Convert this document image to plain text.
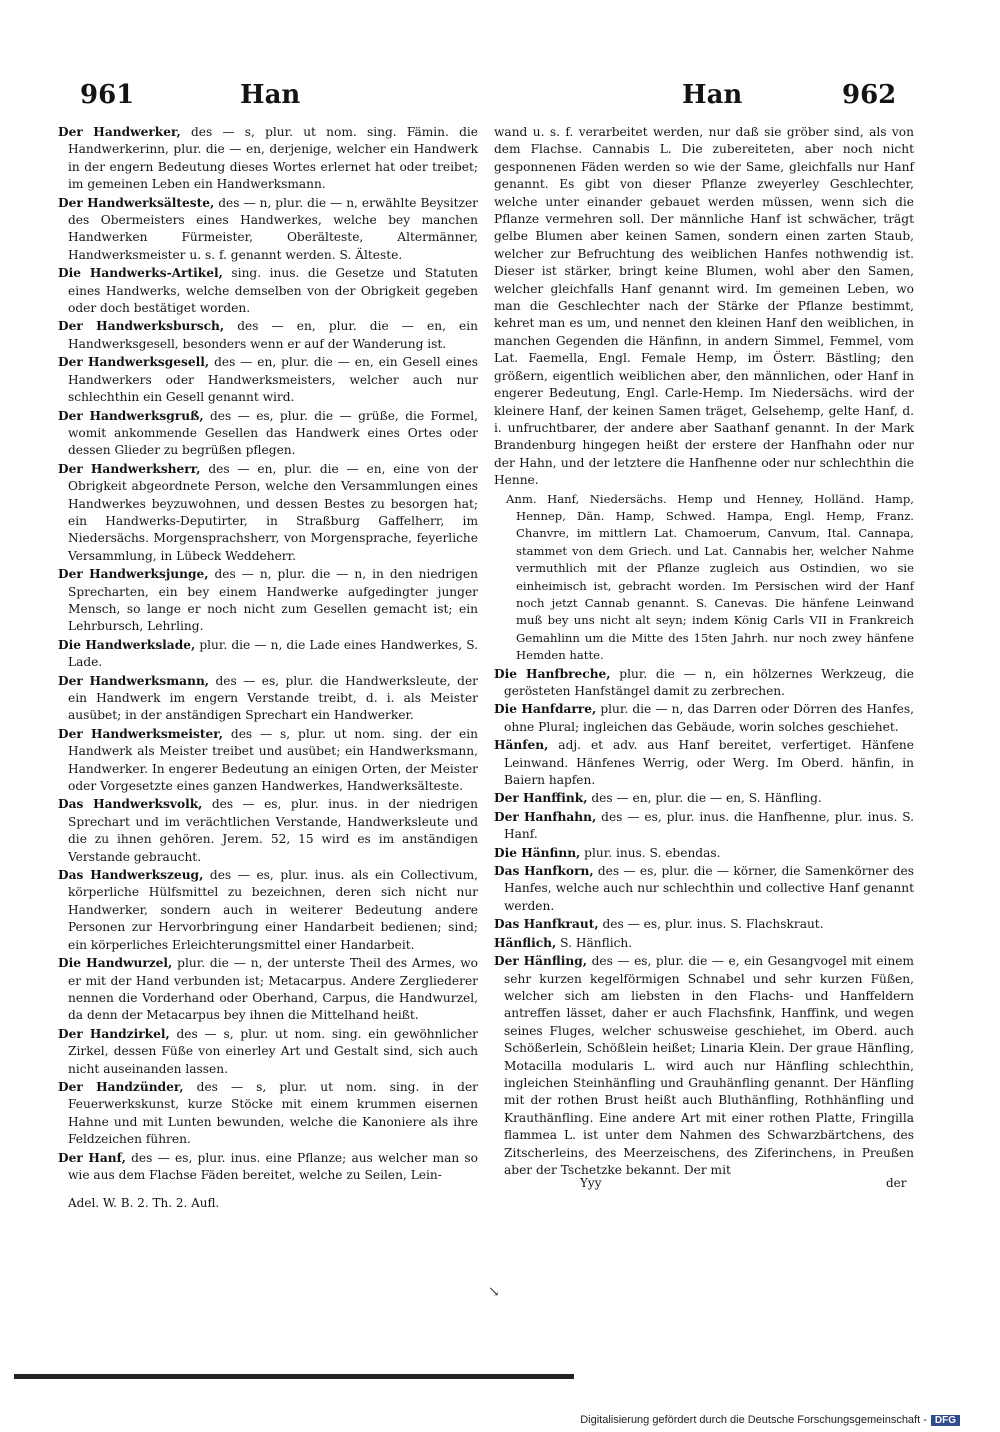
961	Han	Han	962

Der Handwerker, des — s, plur. ut nom. sing. Fämin. die Handwerkerinn, plur. die — en, derjenige, welcher ein Handwerk in der engern Bedeutung dieses Wortes erlernet hat oder treibet; im gemeinen Leben ein Handwerksmann.

Der Handwerksälteste, des — n, plur. die — n, erwählte Beysitzer des Obermeisters eines Handwerkes, welche bey manchen Handwerken Fürmeister, Oberälteste, Altermänner, Handwerksmeister u. s. f. genannt werden. S. Älteste.

Die Handwerks-Artikel, sing. inus. die Gesetze und Statuten eines Handwerks, welche demselben von der Obrigkeit gegeben oder doch bestätiget worden.

Der Handwerksbursch, des — en, plur. die — en, ein Handwerksgesell, besonders wenn er auf der Wanderung ist.

Der Handwerksgesell, des — en, plur. die — en, ein Gesell eines Handwerkers oder Handwerksmeisters, welcher auch nur schlechthin ein Gesell genannt wird.

Der Handwerksgruß, des — es, plur. die — grüße, die Formel, womit ankommende Gesellen das Handwerk eines Ortes oder dessen Glieder zu begrüßen pflegen.

Der Handwerksherr, des — en, plur. die — en, eine von der Obrigkeit abgeordnete Person, welche den Versammlungen eines Handwerkes beyzuwohnen, und dessen Bestes zu besorgen hat; ein Handwerks-Deputirter, in Straßburg Gaffelherr, im Niedersächs. Morgensprachsherr, von Morgensprache, feyerliche Versammlung, in Lübeck Weddeherr.

Der Handwerksjunge, des — n, plur. die — n, in den niedrigen Sprecharten, ein bey einem Handwerke aufgedingter junger Mensch, so lange er noch nicht zum Gesellen gemacht ist; ein Lehrbursch, Lehrling.

Die Handwerkslade, plur. die — n, die Lade eines Handwerkes, S. Lade.

Der Handwerksmann, des — es, plur. die Handwerksleute, der ein Handwerk im engern Verstande treibt, d. i. als Meister ausübet; in der anständigen Sprechart ein Handwerker.

Der Handwerksmeister, des — s, plur. ut nom. sing. der ein Handwerk als Meister treibet und ausübet; ein Handwerksmann, Handwerker. In engerer Bedeutung an einigen Orten, der Meister oder Vorgesetzte eines ganzen Handwerkes, Handwerksälteste.

Das Handwerksvolk, des — es, plur. inus. in der niedrigen Sprechart und im verächtlichen Verstande, Handwerksleute und die zu ihnen gehören. Jerem. 52, 15 wird es im anständigen Verstande gebraucht.

Das Handwerkszeug, des — es, plur. inus. als ein Collectivum, körperliche Hülfsmittel zu bezeichnen, deren sich nicht nur Handwerker, sondern auch in weiterer Bedeutung andere Personen zur Hervorbringung einer Handarbeit bedienen; sind; ein körperliches Erleichterungsmittel einer Handarbeit.

Die Handwurzel, plur. die — n, der unterste Theil des Armes, wo er mit der Hand verbunden ist; Metacarpus. Andere Zergliederer nennen die Vorderhand oder Oberhand, Carpus, die Handwurzel, da denn der Metacarpus bey ihnen die Mittelhand heißt.

Der Handzirkel, des — s, plur. ut nom. sing. ein gewöhnlicher Zirkel, dessen Füße von einerley Art und Gestalt sind, sich auch nicht auseinanden lassen.

Der Handzünder, des — s, plur. ut nom. sing. in der Feuerwerkskunst, kurze Stöcke mit einem krummen eisernen Hahne und mit Lunten bewunden, welche die Kanoniere als ihre Feldzeichen führen.

Der Hanf, des — es, plur. inus. eine Pflanze; aus welcher man so wie aus dem Flachse Fäden bereitet, welche zu Seilen, Lein-

wand u. s. f. verarbeitet werden, nur daß sie gröber sind, als von dem Flachse. Cannabis L. Die zubereiteten, aber noch nicht gesponnenen Fäden werden so wie der Same, gleichfalls nur Hanf genannt. Es gibt von dieser Pflanze zweyerley Geschlechter, welche unter einander gebauet werden müssen, wenn sich die Pflanze vermehren soll. Der männliche Hanf ist schwächer, trägt gelbe Blumen aber keinen Samen, sondern einen zarten Staub, welcher zur Befruchtung des weiblichen Hanfes nothwendig ist. Dieser ist stärker, bringt keine Blumen, wohl aber den Samen, welcher gleichfalls Hanf genannt wird. Im gemeinen Leben, wo man die Geschlechter nach der Stärke der Pflanze bestimmt, kehret man es um, und nennet den kleinen Hanf den weiblichen, in manchen Gegenden die Hänfinn, in andern Simmel, Femmel, vom Lat. Faemella, Engl. Female Hemp, im Österr. Bästling; den größern, eigentlich weiblichen aber, den männlichen, oder Hanf in engerer Bedeutung, Engl. Carle-Hemp. Im Niedersächs. wird der kleinere Hanf, der keinen Samen träget, Gelsehemp, gelte Hanf, d. i. unfruchtbarer, der andere aber Saathanf genannt. In der Mark Brandenburg hingegen heißt der erstere der Hanfhahn oder nur der Hahn, und der letztere die Hanfhenne oder nur schlechthin die Henne.

Anm. Hanf, Niedersächs. Hemp und Henney, Holländ. Hamp, Hennep, Dän. Hamp, Schwed. Hampa, Engl. Hemp, Franz. Chanvre, im mittlern Lat. Chamoerum, Canvum, Ital. Cannapa, stammet von dem Griech. und Lat. Cannabis her, welcher Nahme vermuthlich mit der Pflanze zugleich aus Ostindien, wo sie einheimisch ist, gebracht worden. Im Persischen wird der Hanf noch jetzt Cannab genannt. S. Canevas. Die hänfene Leinwand muß bey uns nicht alt seyn; indem König Carls VII in Frankreich Gemahlinn um die Mitte des 15ten Jahrh. nur noch zwey hänfene Hemden hatte.

Die Hanfbreche, plur. die — n, ein hölzernes Werkzeug, die gerösteten Hanfstängel damit zu zerbrechen.

Die Hanfdarre, plur. die — n, das Darren oder Dörren des Hanfes, ohne Plural; ingleichen das Gebäude, worin solches geschiehet.

Hänfen, adj. et adv. aus Hanf bereitet, verfertiget. Hänfene Leinwand. Hänfenes Werrig, oder Werg. Im Oberd. hänfin, in Baiern hapfen.

Der Hanffink, des — en, plur. die — en, S. Hänfling.

Der Hanfhahn, des — es, plur. inus. die Hanfhenne, plur. inus. S. Hanf.

Die Hänfinn, plur. inus. S. ebendas.

Das Hanfkorn, des — es, plur. die — körner, die Samenkörner des Hanfes, welche auch nur schlechthin und collective Hanf genannt werden.

Das Hanfkraut, des — es, plur. inus. S. Flachskraut.

Hänflich, S. Hänflich.

Der Hänfling, des — es, plur. die — e, ein Gesangvogel mit einem sehr kurzen kegelförmigen Schnabel und sehr kurzen Füßen, welcher sich am liebsten in den Flachs- und Hanffeldern antreffen lässet, daher er auch Flachsfink, Hanffink, und wegen seines Fluges, welcher schusweise geschiehet, im Oberd. auch Schößerlein, Schößlein heißet; Linaria Klein. Der graue Hänfling, Motacilla modularis L. wird auch nur Hänfling schlechthin, ingleichen Steinhänfling und Grauhänfling genannt. Der Hänfling mit der rothen Brust heißt auch Bluthänfling, Rothhänfling und Krauthänfling. Eine andere Art mit einer rothen Platte, Fringilla flammea L. ist unter dem Nahmen des Schwarzbärtchens, des Zitscherleins, des Meerzeischens, des Ziferinchens, in Preußen aber der Tschetzke bekannt. Der mit

Adel. W. B. 2. Th. 2. Aufl.
Yyy	der
↘
Digitalisierung gefördert durch die Deutsche Forschungsgemeinschaft - DFG
